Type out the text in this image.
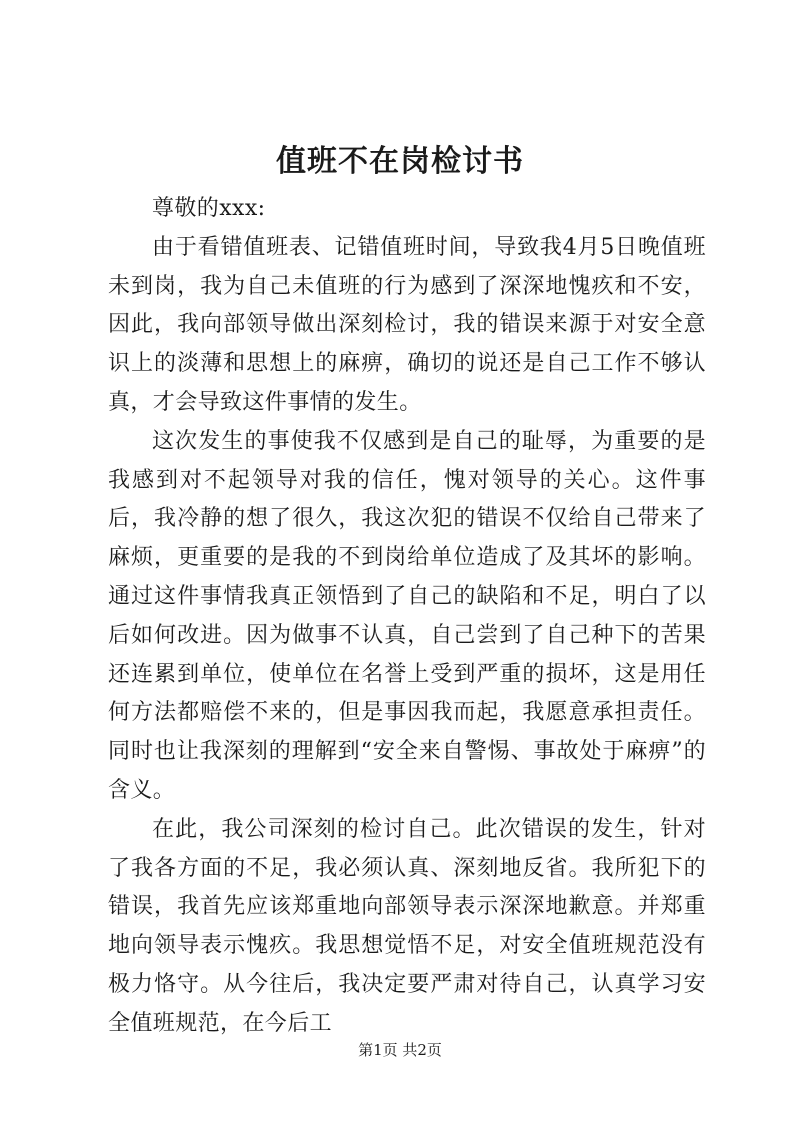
值班不在岗检讨书

尊敬的xxx:

由于看错值班表、记错值班时间，导致我4月5日晚值班未到岗，我为自己未值班的行为感到了深深地愧疚和不安，因此，我向部领导做出深刻检讨，我的错误来源于对安全意识上的淡薄和思想上的麻痹，确切的说还是自己工作不够认真，才会导致这件事情的发生。

这次发生的事使我不仅感到是自己的耻辱，为重要的是我感到对不起领导对我的信任，愧对领导的关心。这件事后，我冷静的想了很久，我这次犯的错误不仅给自己带来了麻烦，更重要的是我的不到岗给单位造成了及其坏的影响。通过这件事情我真正领悟到了自己的缺陷和不足，明白了以后如何改进。因为做事不认真，自己尝到了自己种下的苦果还连累到单位，使单位在名誉上受到严重的损坏，这是用任何方法都赔偿不来的，但是事因我而起，我愿意承担责任。同时也让我深刻的理解到“安全来自警惕、事故处于麻痹”的含义。

在此，我公司深刻的检讨自己。此次错误的发生，针对了我各方面的不足，我必须认真、深刻地反省。我所犯下的错误，我首先应该郑重地向部领导表示深深地歉意。并郑重地向领导表示愧疚。我思想觉悟不足，对安全值班规范没有极力恪守。从今往后，我决定要严肃对待自己，认真学习安全值班规范，在今后工

第1页 共2页
